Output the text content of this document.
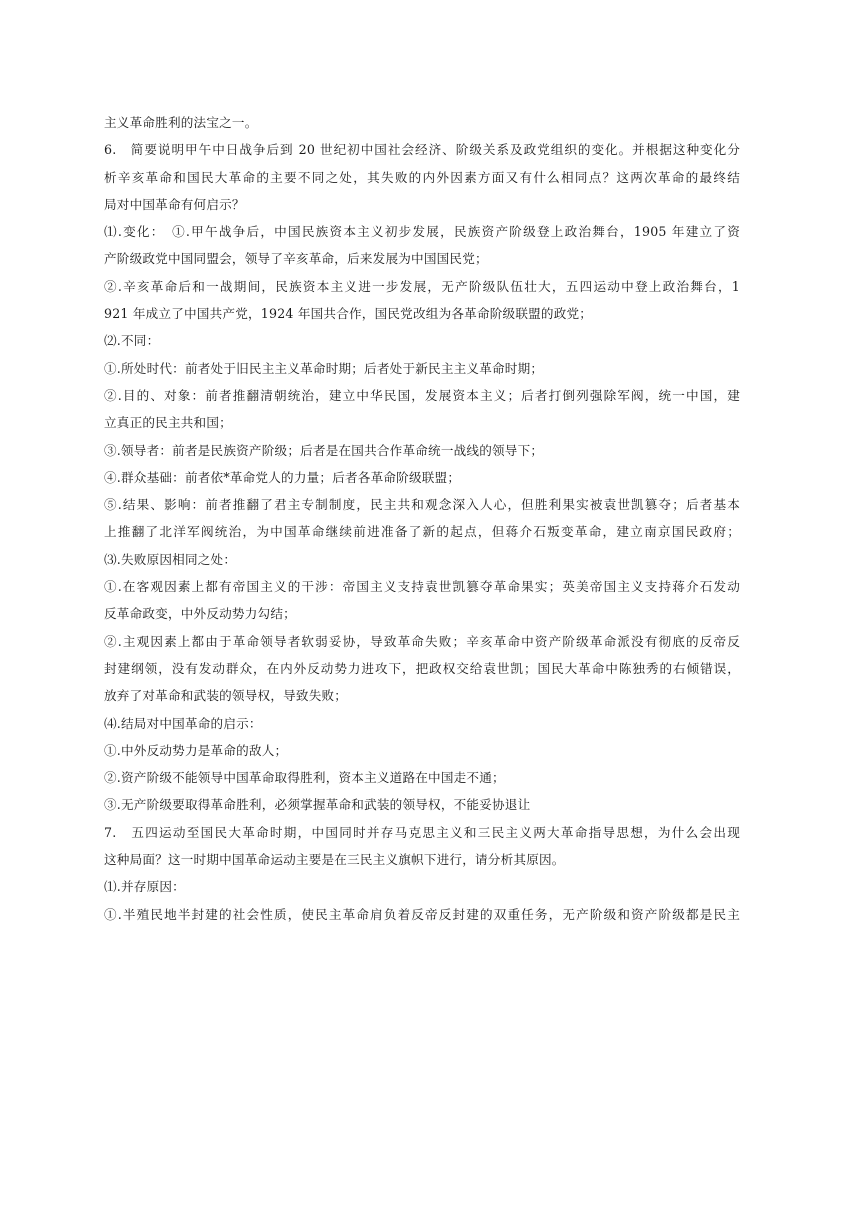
主义革命胜利的法宝之一。
6.　简要说明甲午中日战争后到 20 世纪初中国社会经济、阶级关系及政党组织的变化。并根据这种变化分
析辛亥革命和国民大革命的主要不同之处，其失败的内外因素方面又有什么相同点？这两次革命的最终结
局对中国革命有何启示？
⑴.变化：　①.甲午战争后，中国民族资本主义初步发展，民族资产阶级登上政治舞台，1905 年建立了资
产阶级政党中国同盟会，领导了辛亥革命，后来发展为中国国民党；
②.辛亥革命后和一战期间，民族资本主义进一步发展，无产阶级队伍壮大，五四运动中登上政治舞台，1
921 年成立了中国共产党，1924 年国共合作，国民党改组为各革命阶级联盟的政党；
⑵.不同：
①.所处时代：前者处于旧民主主义革命时期；后者处于新民主主义革命时期；
②.目的、对象：前者推翻清朝统治，建立中华民国，发展资本主义；后者打倒列强除军阀，统一中国，建
立真正的民主共和国；
③.领导者：前者是民族资产阶级；后者是在国共合作革命统一战线的领导下；
④.群众基础：前者依*革命党人的力量；后者各革命阶级联盟；
⑤.结果、影响：前者推翻了君主专制制度，民主共和观念深入人心，但胜利果实被袁世凯篡夺；后者基本
上推翻了北洋军阀统治，为中国革命继续前进准备了新的起点，但蒋介石叛变革命，建立南京国民政府；
⑶.失败原因相同之处：
①.在客观因素上都有帝国主义的干涉：帝国主义支持袁世凯篡夺革命果实；英美帝国主义支持蒋介石发动
反革命政变，中外反动势力勾结；
②.主观因素上都由于革命领导者软弱妥协，导致革命失败；辛亥革命中资产阶级革命派没有彻底的反帝反
封建纲领，没有发动群众，在内外反动势力进攻下，把政权交给袁世凯；国民大革命中陈独秀的右倾错误，
放弃了对革命和武装的领导权，导致失败；
⑷.结局对中国革命的启示：
①.中外反动势力是革命的敌人；
②.资产阶级不能领导中国革命取得胜利，资本主义道路在中国走不通；
③.无产阶级要取得革命胜利，必须掌握革命和武装的领导权，不能妥协退让
7.　五四运动至国民大革命时期，中国同时并存马克思主义和三民主义两大革命指导思想，为什么会出现
这种局面？这一时期中国革命运动主要是在三民主义旗帜下进行，请分析其原因。
⑴.并存原因：
①.半殖民地半封建的社会性质，使民主革命肩负着反帝反封建的双重任务，无产阶级和资产阶级都是民主
